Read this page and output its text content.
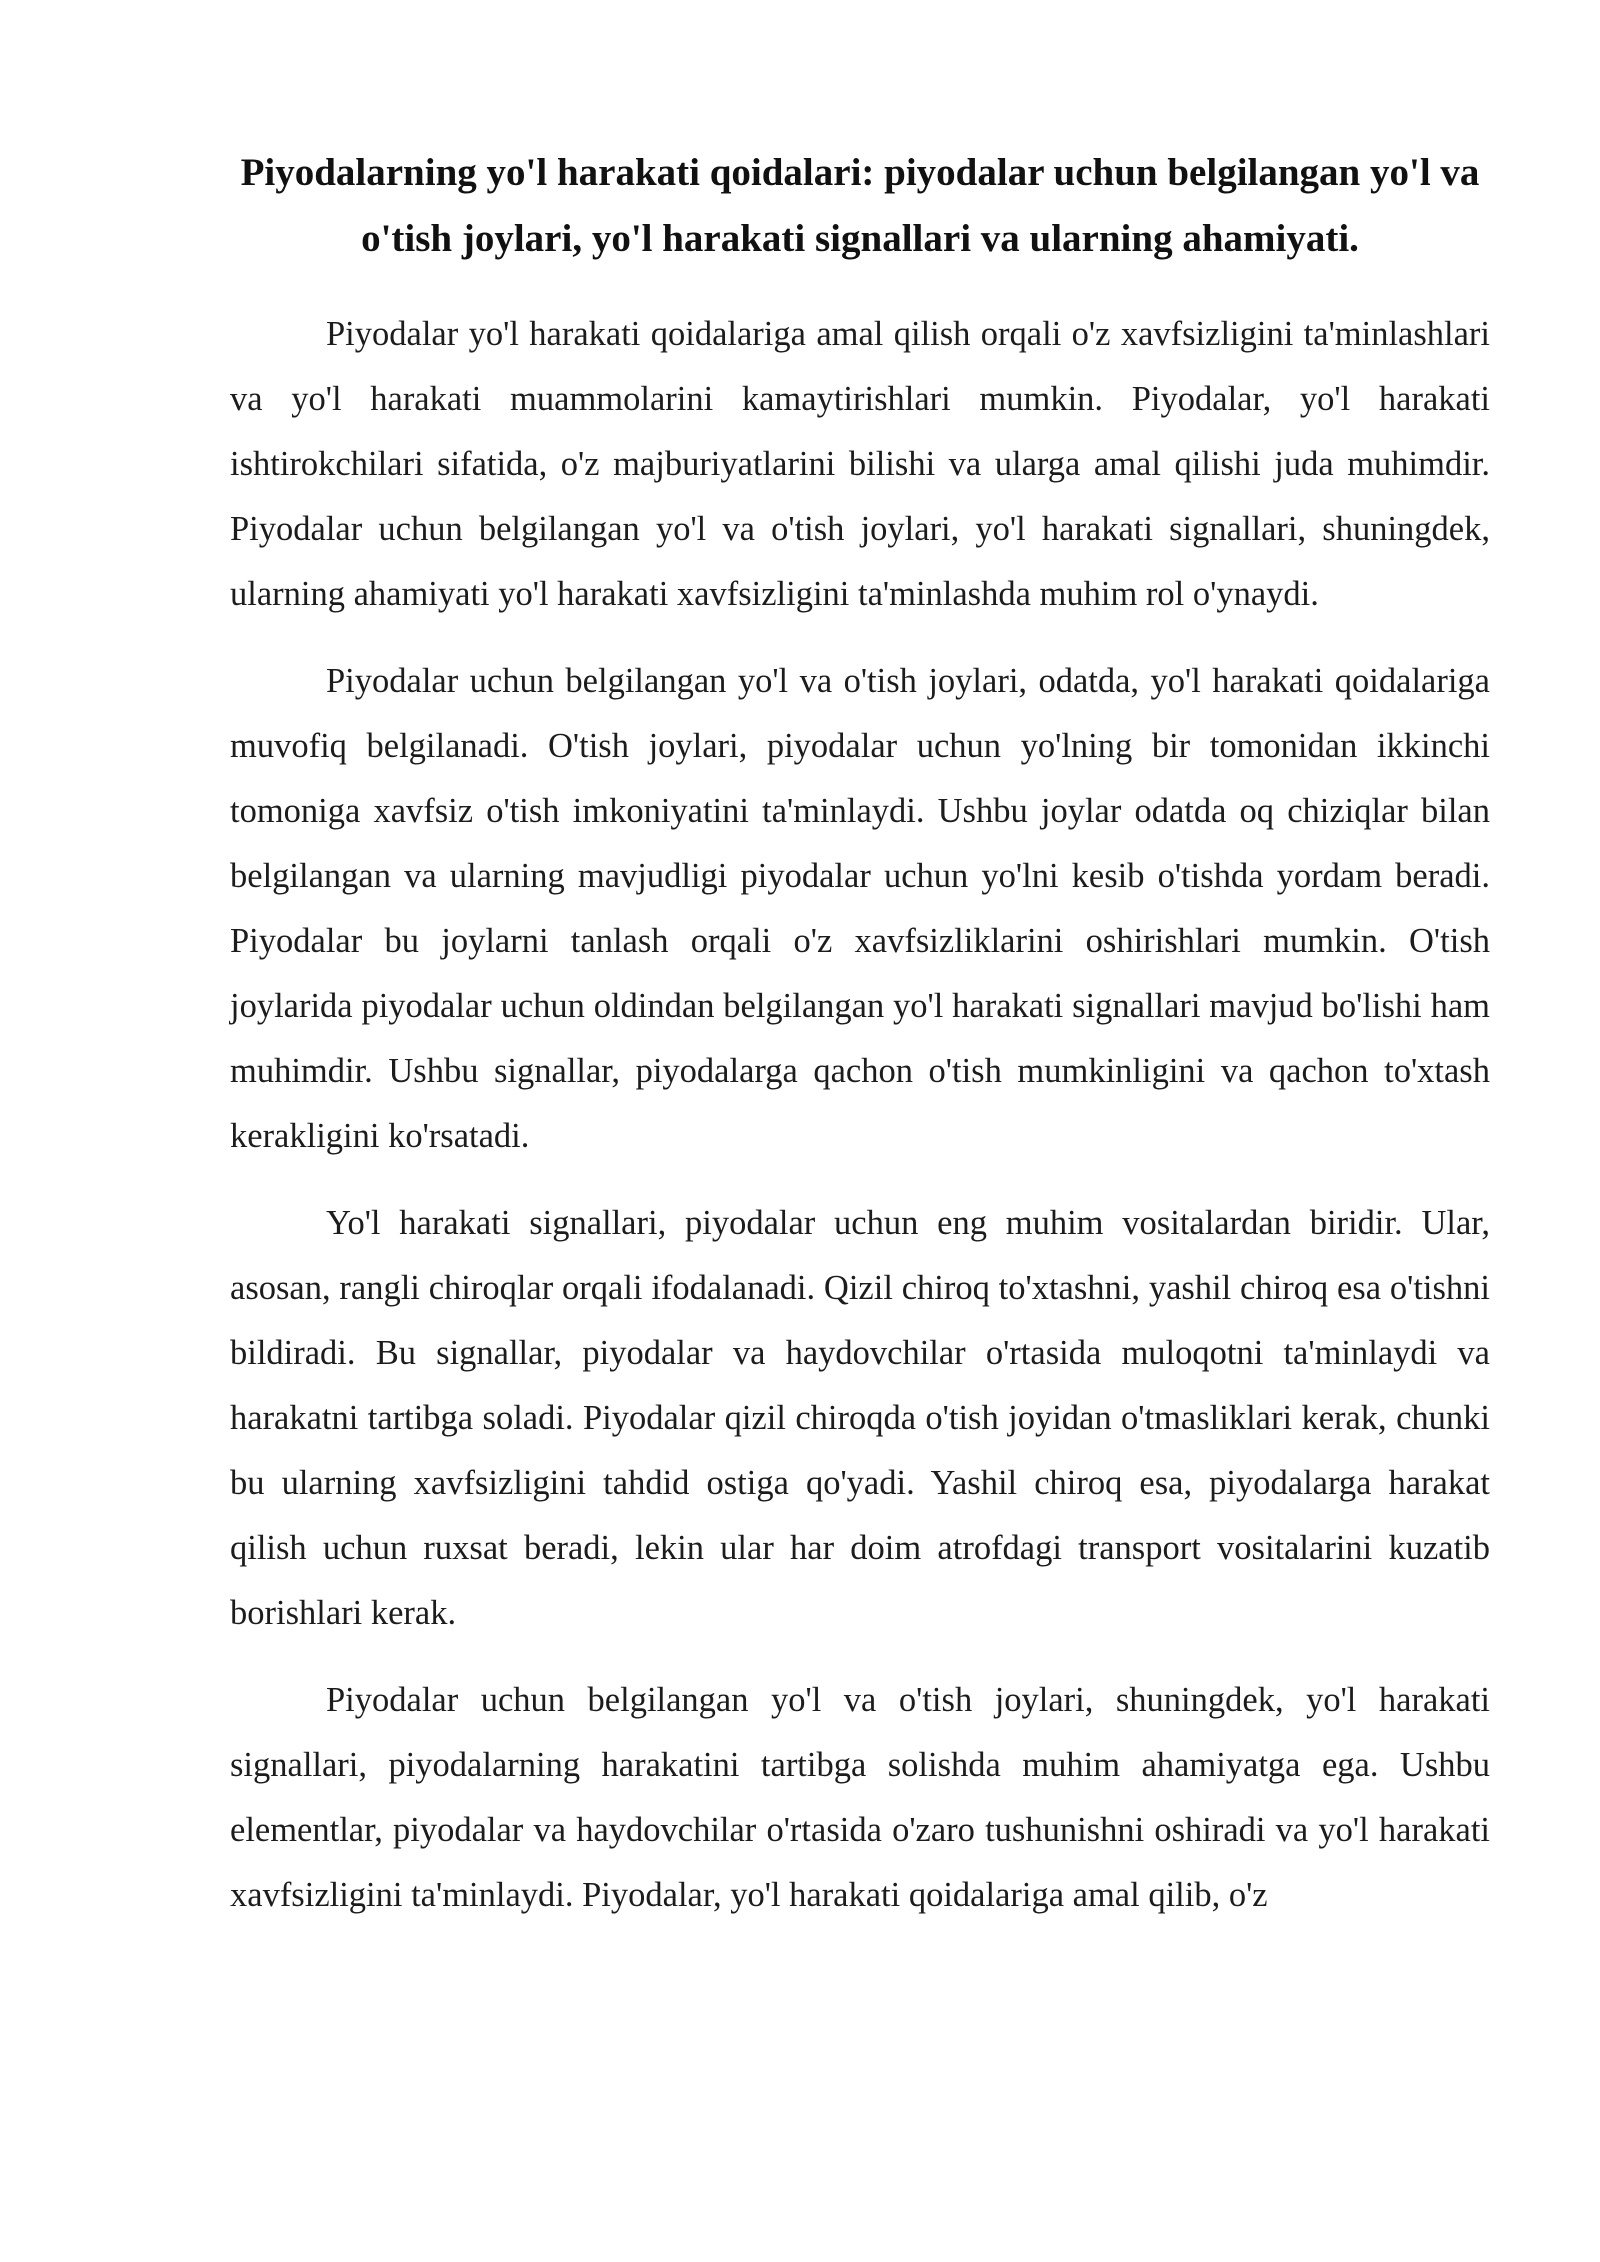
Piyodalarning yo'l harakati qoidalari: piyodalar uchun belgilangan yo'l va o'tish joylari, yo'l harakati signallari va ularning ahamiyati.

Piyodalar yo'l harakati qoidalariga amal qilish orqali o'z xavfsizligini ta'minlashlari va yo'l harakati muammolarini kamaytirishlari mumkin. Piyodalar, yo'l harakati ishtirokchilari sifatida, o'z majburiyatlarini bilishi va ularga amal qilishi juda muhimdir. Piyodalar uchun belgilangan yo'l va o'tish joylari, yo'l harakati signallari, shuningdek, ularning ahamiyati yo'l harakati xavfsizligini ta'minlashda muhim rol o'ynaydi.

Piyodalar uchun belgilangan yo'l va o'tish joylari, odatda, yo'l harakati qoidalariga muvofiq belgilanadi. O'tish joylari, piyodalar uchun yo'lning bir tomonidan ikkinchi tomoniga xavfsiz o'tish imkoniyatini ta'minlaydi. Ushbu joylar odatda oq chiziqlar bilan belgilangan va ularning mavjudligi piyodalar uchun yo'lni kesib o'tishda yordam beradi. Piyodalar bu joylarni tanlash orqali o'z xavfsizliklarini oshirishlari mumkin. O'tish joylarida piyodalar uchun oldindan belgilangan yo'l harakati signallari mavjud bo'lishi ham muhimdir. Ushbu signallar, piyodalarga qachon o'tish mumkinligini va qachon to'xtash kerakligini ko'rsatadi.

Yo'l harakati signallari, piyodalar uchun eng muhim vositalardan biridir. Ular, asosan, rangli chiroqlar orqali ifodalanadi. Qizil chiroq to'xtashni, yashil chiroq esa o'tishni bildiradi. Bu signallar, piyodalar va haydovchilar o'rtasida muloqotni ta'minlaydi va harakatni tartibga soladi. Piyodalar qizil chiroqda o'tish joyidan o'tmasliklari kerak, chunki bu ularning xavfsizligini tahdid ostiga qo'yadi. Yashil chiroq esa, piyodalarga harakat qilish uchun ruxsat beradi, lekin ular har doim atrofdagi transport vositalarini kuzatib borishlari kerak.

Piyodalar uchun belgilangan yo'l va o'tish joylari, shuningdek, yo'l harakati signallari, piyodalarning harakatini tartibga solishda muhim ahamiyatga ega. Ushbu elementlar, piyodalar va haydovchilar o'rtasida o'zaro tushunishni oshiradi va yo'l harakati xavfsizligini ta'minlaydi. Piyodalar, yo'l harakati qoidalariga amal qilib, o'z
